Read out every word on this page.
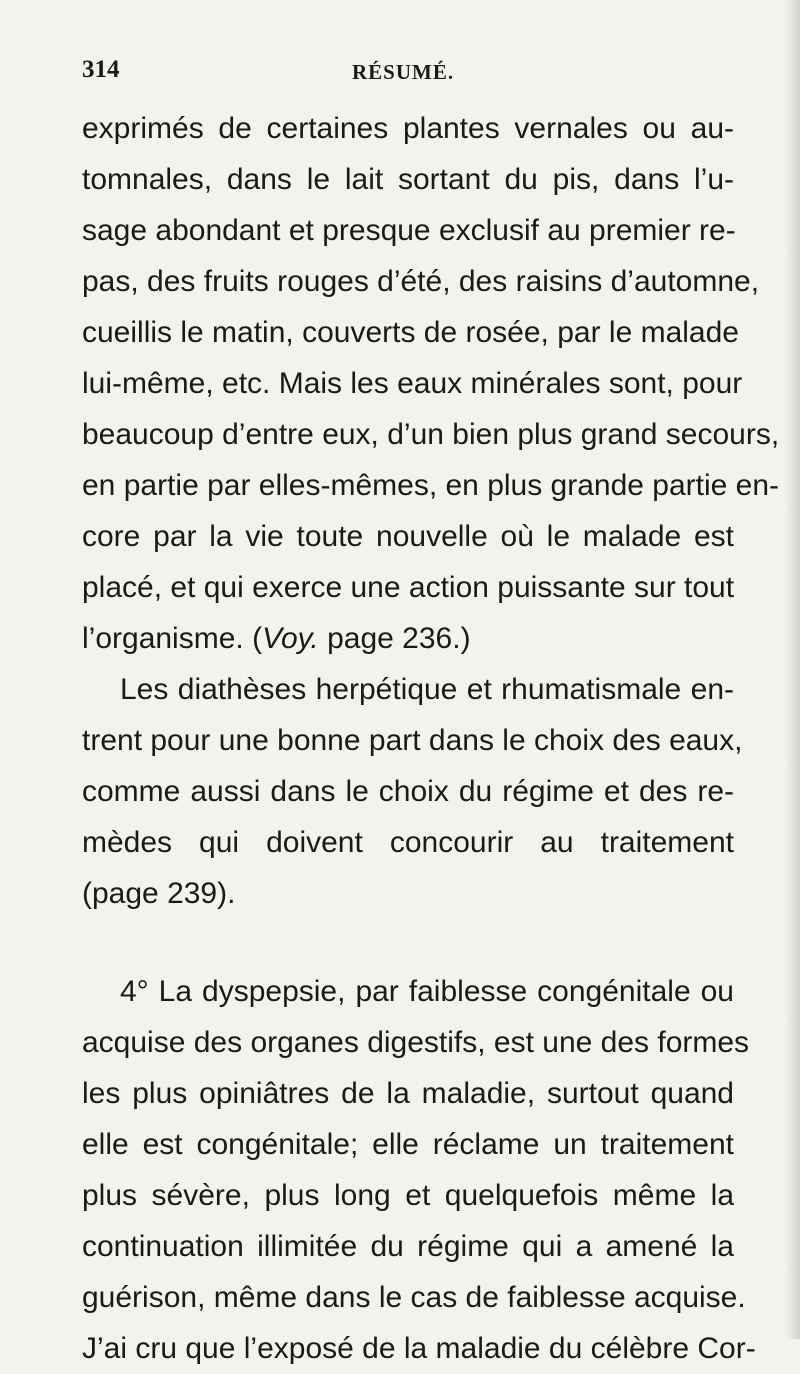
314	RÉSUMÉ.
exprimés de certaines plantes vernales ou au-
tomnales, dans le lait sortant du pis, dans l’u-
sage abondant et presque exclusif au premier re-
pas, des fruits rouges d’été, des raisins d’automne,
cueillis le matin, couverts de rosée, par le malade
lui-même, etc. Mais les eaux minérales sont, pour
beaucoup d’entre eux, d’un bien plus grand secours,
en partie par elles-mêmes, en plus grande partie en-
core par la vie toute nouvelle où le malade est
placé, et qui exerce une action puissante sur tout
l’organisme. (Voy. page 236.)
Les diathèses herpétique et rhumatismale en-
trent pour une bonne part dans le choix des eaux,
comme aussi dans le choix du régime et des re-
mèdes qui doivent concourir au traitement
(page 239).
4° La dyspepsie, par faiblesse congénitale ou
acquise des organes digestifs, est une des formes
les plus opiniâtres de la maladie, surtout quand
elle est congénitale; elle réclame un traitement
plus sévère, plus long et quelquefois même la
continuation illimitée du régime qui a amené la
guérison, même dans le cas de faiblesse acquise.
J’ai cru que l’exposé de la maladie du célèbre Cor-
